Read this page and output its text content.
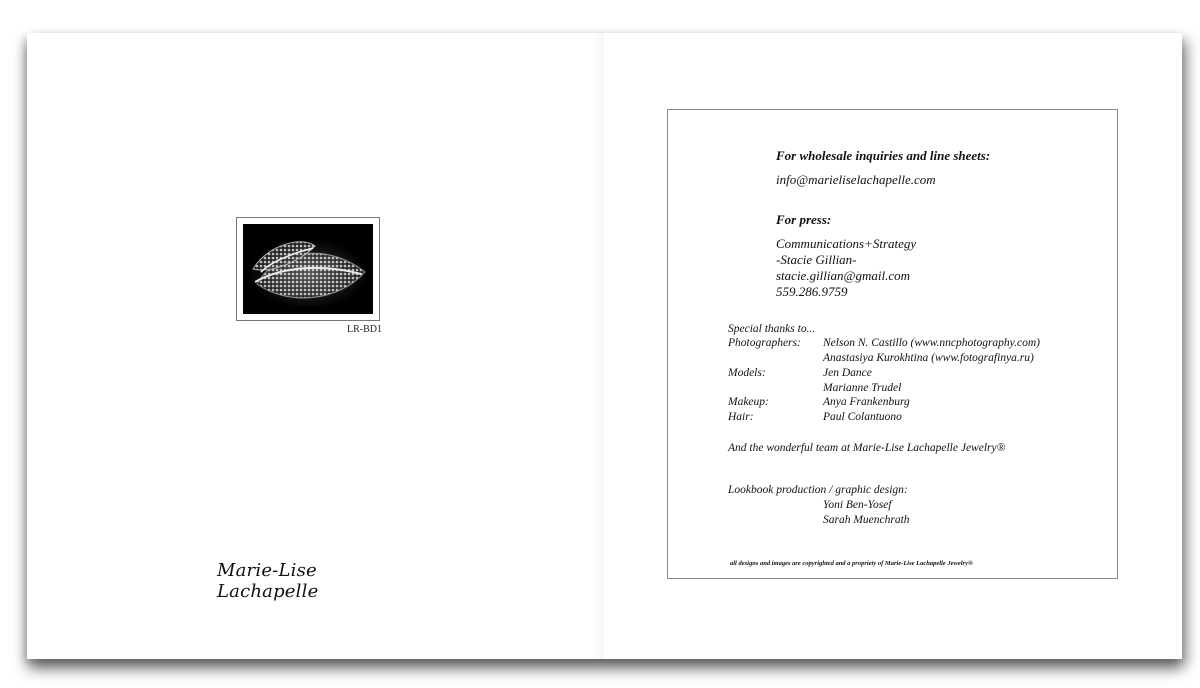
LR-BD1
Marie-Lise Lachapelle
For wholesale inquiries and line sheets:
info@marieliselachapelle.com
For press:
Communications+Strategy
-Stacie Gillian-
stacie.gillian@gmail.com
559.286.9759
Special thanks to...
Photographers: Nelson N. Castillo (www.nncphotography.com)
Anastasiya Kurokhtina (www.fotografinya.ru)
Models:	Jen Dance
Marianne Trudel
Makeup:	Anya Frankenburg
Hair:	Paul Colantuono
And the wonderful team at Marie-Lise Lachapelle Jewelry®
Lookbook production / graphic design:
Yoni Ben-Yosef
Sarah Muenchrath
all designs and images are copyrighted and a propriety of Marie-Lise Lachapelle Jewelry®
